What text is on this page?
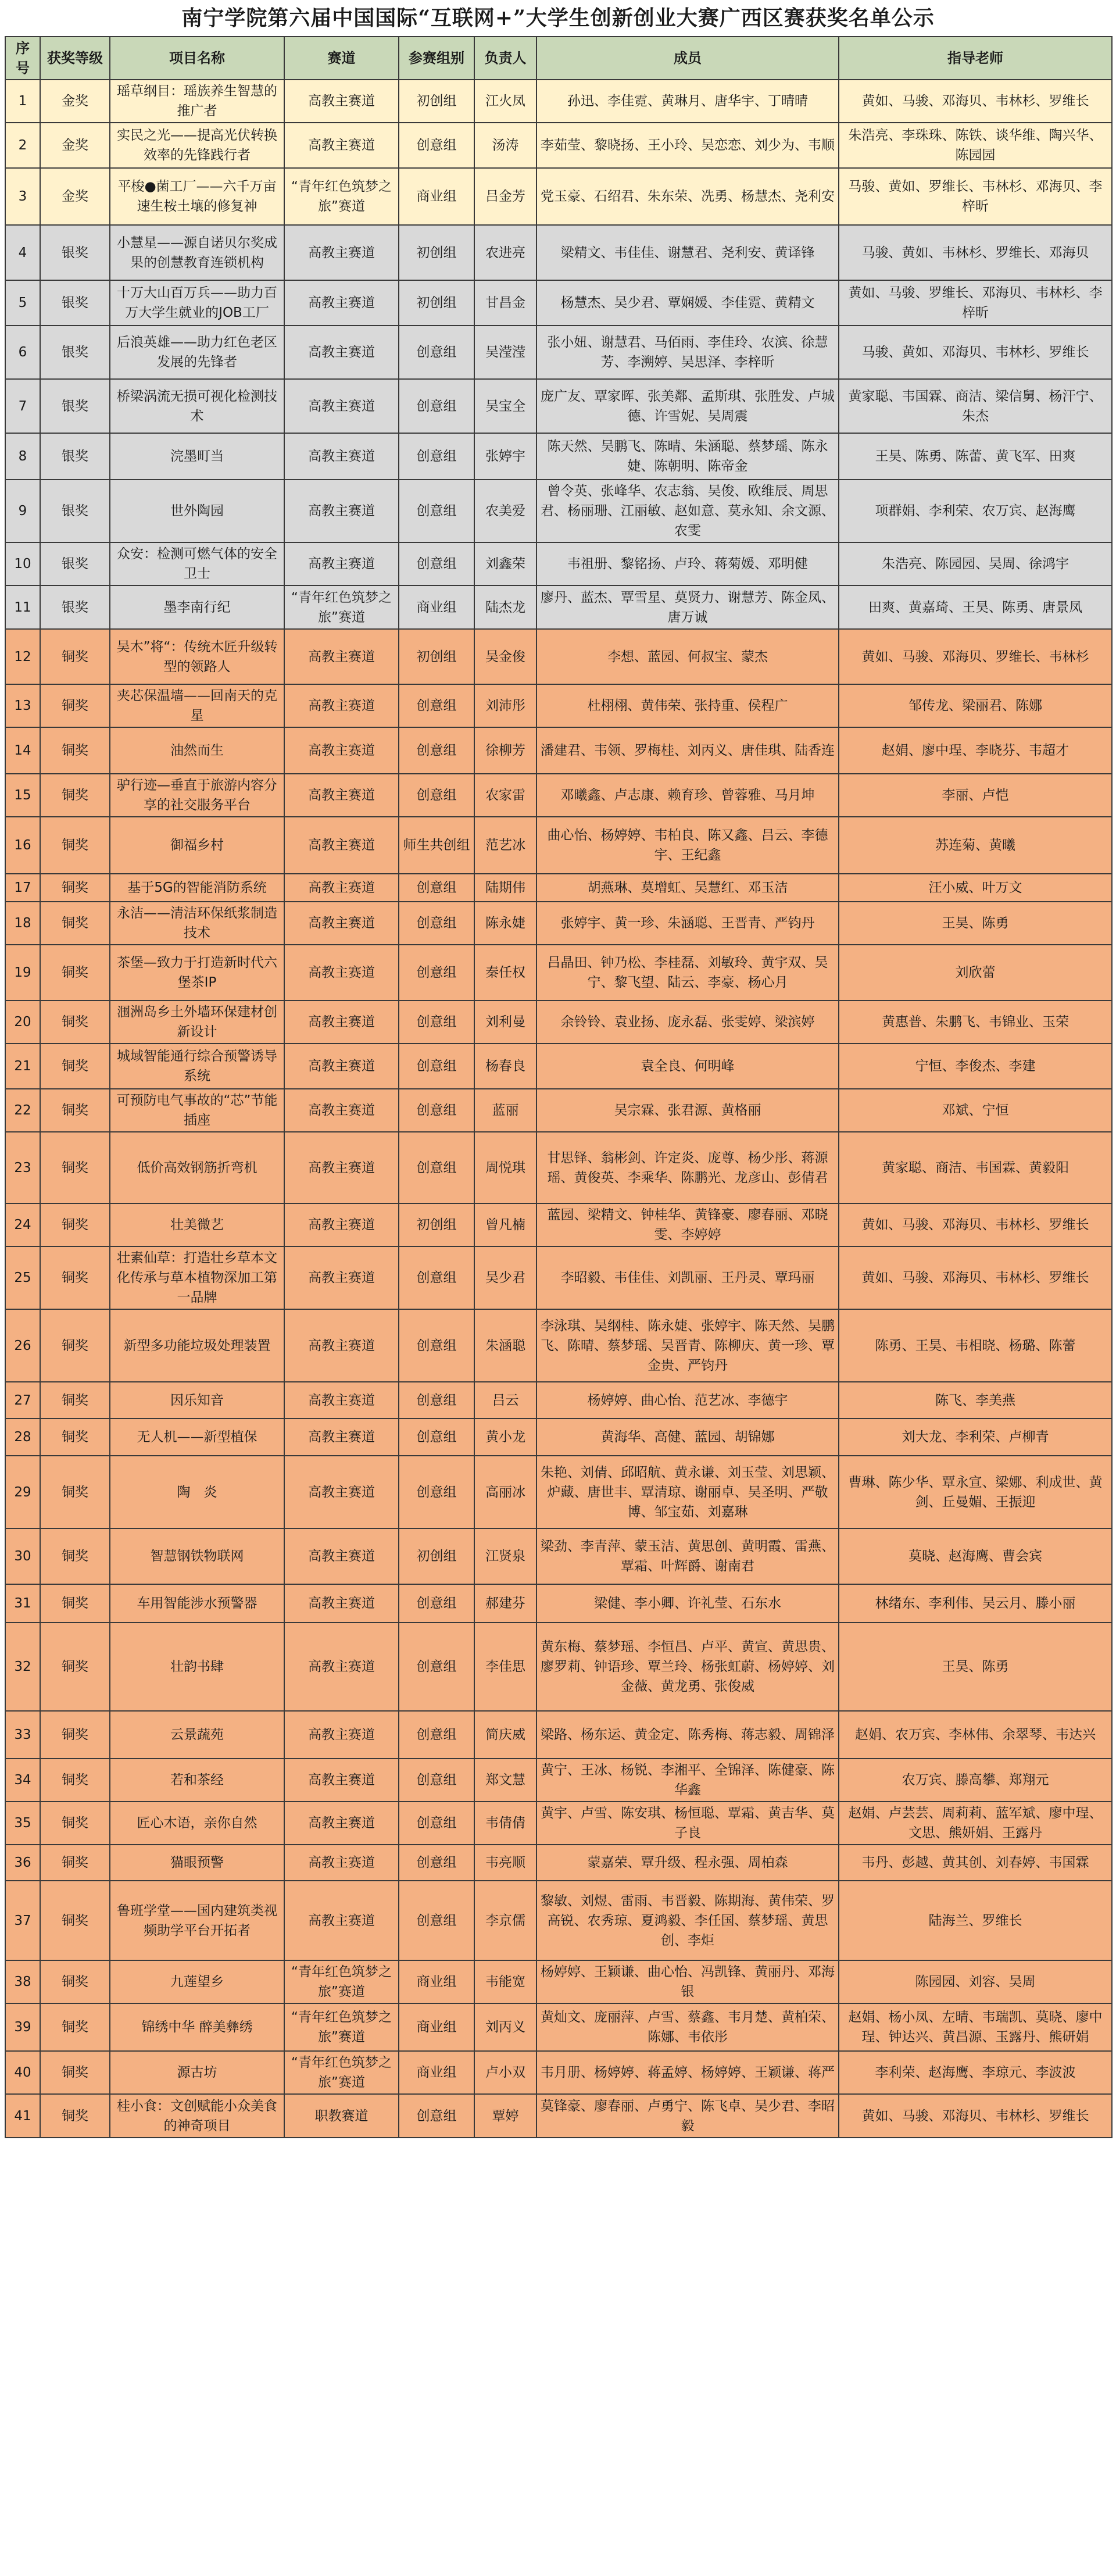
南宁学院第六届中国国际“互联网+”大学生创新创业大赛广西区赛获奖名单公示
序号	获奖等级	项目名称	赛道	参赛组别	负责人	成员	指导老师
1	金奖	瑶草纲目：瑶族养生智慧的推广者	高教主赛道	初创组	江火凤	孙迅、李佳霓、黄琳月、唐华宇、丁晴晴	黄如、马骏、邓海贝、韦林杉、罗维长
2	金奖	实民之光——提高光伏转换效率的先锋践行者	高教主赛道	创意组	汤涛	李茹莹、黎晓扬、王小玲、吴恋恋、刘少为、韦顺	朱浩亮、李珠珠、陈铁、谈华维、陶兴华、陈园园
3	金奖	平梭●菌工厂——六千万亩速生桉土壤的修复神	“青年红色筑梦之旅”赛道	商业组	吕金芳	党玉豪、石绍君、朱东荣、冼勇、杨慧杰、尧利安	马骏、黄如、罗维长、韦林杉、邓海贝、李梓昕
4	银奖	小慧星——源自诺贝尔奖成果的创慧教育连锁机构	高教主赛道	初创组	农进亮	梁精文、韦佳佳、谢慧君、尧利安、黄译锋	马骏、黄如、韦林杉、罗维长、邓海贝
5	银奖	十万大山百万兵——助力百万大学生就业的JOB工厂	高教主赛道	初创组	甘昌金	杨慧杰、吴少君、覃娴媛、李佳霓、黄精文	黄如、马骏、罗维长、邓海贝、韦林杉、李梓昕
6	银奖	后浪英雄——助力红色老区发展的先锋者	高教主赛道	创意组	吴滢滢	张小妞、谢慧君、马佰雨、李佳玲、农滨、徐慧芳、李溯婷、吴思泽、李梓昕	马骏、黄如、邓海贝、韦林杉、罗维长
7	银奖	桥梁涡流无损可视化检测技术	高教主赛道	创意组	吴宝全	庞广友、覃家晖、张美鄰、孟斯琪、张胜发、卢城德、许雪妮、吴周震	黄家聪、韦国霖、商洁、梁信舅、杨汗宁、朱杰
8	银奖	浣墨町当	高教主赛道	创意组	张婷宇	陈天然、吴鹏飞、陈晴、朱涵聪、蔡梦瑶、陈永婕、陈朝明、陈帝金	王昊、陈勇、陈蕾、黄飞军、田爽
9	银奖	世外陶园	高教主赛道	创意组	农美爱	曾令英、张峰华、农志翁、吴俊、欧维辰、周思君、杨丽珊、江丽敏、赵如意、莫永知、余文源、农雯	项群娟、李利荣、农万宾、赵海鹰
10	银奖	众安：检测可燃气体的安全卫士	高教主赛道	创意组	刘鑫荣	韦祖册、黎铭扬、卢玲、蒋菊媛、邓明健	朱浩亮、陈园园、吴周、徐鸿宇
11	银奖	墨李南行纪	“青年红色筑梦之旅”赛道	商业组	陆杰龙	廖丹、蓝杰、覃雪星、莫贤力、谢慧芳、陈金凤、唐万诚	田爽、黄嘉琦、王昊、陈勇、唐景凤
12	铜奖	吴木”将“：传统木匠升级转型的领路人	高教主赛道	初创组	吴金俊	李想、蓝园、何叔宝、蒙杰	黄如、马骏、邓海贝、罗维长、韦林杉
13	铜奖	夹芯保温墙——回南天的克星	高教主赛道	创意组	刘沛彤	杜栩栩、黄伟荣、张持重、侯程广	邹传龙、梁丽君、陈娜
14	铜奖	油然而生	高教主赛道	创意组	徐柳芳	潘建君、韦领、罗梅桂、刘丙义、唐佳琪、陆香连	赵娟、廖中珵、李晓芬、韦超才
15	铜奖	驴行迹—垂直于旅游内容分享的社交服务平台	高教主赛道	创意组	农家雷	邓曦鑫、卢志康、赖育珍、曾蓉雅、马月坤	李丽、卢恺
16	铜奖	御福乡村	高教主赛道	师生共创组	范艺冰	曲心怡、杨婷婷、韦柏良、陈又鑫、吕云、李德宇、王纪鑫	苏连菊、黄曦
17	铜奖	基于5G的智能消防系统	高教主赛道	创意组	陆期伟	胡燕琳、莫增虹、吴慧红、邓玉洁	汪小威、叶万文
18	铜奖	永洁——清洁环保纸浆制造技术	高教主赛道	创意组	陈永婕	张婷宇、黄一珍、朱涵聪、王晋青、严钧丹	王昊、陈勇
19	铜奖	茶堡—致力于打造新时代六堡茶IP	高教主赛道	创意组	秦任权	吕晶田、钟乃松、李桂磊、刘敏玲、黄宇双、吴宁、黎飞望、陆云、李豪、杨心月	刘欣蕾
20	铜奖	涠洲岛乡土外墙环保建材创新设计	高教主赛道	创意组	刘利曼	余铃铃、袁业扬、庞永磊、张雯婷、梁滨婷	黄惠普、朱鹏飞、韦锦业、玉荣
21	铜奖	城域智能通行综合预警诱导系统	高教主赛道	创意组	杨春良	袁全良、何明峰	宁恒、李俊杰、李建
22	铜奖	可预防电气事故的“芯”节能插座	高教主赛道	创意组	蓝丽	吴宗霖、张君源、黄格丽	邓斌、宁恒
23	铜奖	低价高效钢筋折弯机	高教主赛道	创意组	周悦琪	甘思铎、翁彬剑、许定炎、庞尊、杨少彤、蒋源瑶、黄俊英、李乘华、陈鹏光、龙彦山、彭倩君	黄家聪、商洁、韦国霖、黄毅阳
24	铜奖	壮美微艺	高教主赛道	初创组	曾凡楠	蓝园、梁精文、钟桂华、黄锋豪、廖春丽、邓晓雯、李婷婷	黄如、马骏、邓海贝、韦林杉、罗维长
25	铜奖	壮素仙草：打造壮乡草本文化传承与草本植物深加工第一品牌	高教主赛道	创意组	吴少君	李昭毅、韦佳佳、刘凯丽、王丹灵、覃玛丽	黄如、马骏、邓海贝、韦林杉、罗维长
26	铜奖	新型多功能垃圾处理装置	高教主赛道	创意组	朱涵聪	李泳琪、吴纲桂、陈永婕、张婷宇、陈天然、吴鹏飞、陈晴、蔡梦瑶、吴晋青、陈柳庆、黄一珍、覃金贵、严钧丹	陈勇、王昊、韦相晓、杨璐、陈蕾
27	铜奖	因乐知音	高教主赛道	创意组	吕云	杨婷婷、曲心怡、范艺冰、李德宇	陈飞、李美燕
28	铜奖	无人机——新型植保	高教主赛道	创意组	黄小龙	黄海华、高健、蓝园、胡锦娜	刘大龙、李利荣、卢柳青
29	铜奖	陶　炎	高教主赛道	创意组	高丽冰	朱艳、刘倩、邱昭航、黄永谦、刘玉莹、刘思颖、炉藏、唐世丰、覃清琼、谢丽卓、吴圣明、严敬博、邹宝茹、刘嘉琳	曹琳、陈少华、覃永宣、梁娜、利成世、黄剑、丘曼媚、王振迎
30	铜奖	智慧钢铁物联网	高教主赛道	初创组	江贤泉	梁劲、李青萍、蒙玉洁、黄思创、黄明霞、雷燕、覃霜、叶辉爵、谢南君	莫晓、赵海鹰、曹会宾
31	铜奖	车用智能涉水预警器	高教主赛道	创意组	郝建芬	梁健、李小卿、许礼莹、石东水	林绪东、李利伟、吴云月、滕小丽
32	铜奖	壮韵书肆	高教主赛道	创意组	李佳思	黄东梅、蔡梦瑶、李恒昌、卢平、黄宣、黄思贵、廖罗莉、钟语珍、覃兰玲、杨张虹蔚、杨婷婷、刘金薇、黄龙勇、张俊威	王昊、陈勇
33	铜奖	云景蔬苑	高教主赛道	创意组	简庆威	梁路、杨东运、黄金定、陈秀梅、蒋志毅、周锦泽	赵娟、农万宾、李林伟、余翠琴、韦达兴
34	铜奖	若和茶经	高教主赛道	创意组	郑文慧	黄宁、王冰、杨锐、李湘平、全锦泽、陈健豪、陈华鑫	农万宾、滕高攀、郑翔元
35	铜奖	匠心木语，亲你自然	高教主赛道	创意组	韦倩倩	黄宇、卢雪、陈安琪、杨恒聪、覃霜、黄吉华、莫子良	赵娟、卢芸芸、周莉莉、蓝军斌、廖中珵、文思、熊妍娟、王露丹
36	铜奖	猫眼预警	高教主赛道	创意组	韦亮顺	蒙嘉荣、覃升级、程永强、周柏森	韦丹、彭越、黄其创、刘春婷、韦国霖
37	铜奖	鲁班学堂——国内建筑类视频助学平台开拓者	高教主赛道	创意组	李京儒	黎敏、刘煜、雷雨、韦晋毅、陈期海、黄伟荣、罗高锐、农秀琼、夏鸿毅、李任国、蔡梦瑶、黄思创、李炬	陆海兰、罗维长
38	铜奖	九莲望乡	“青年红色筑梦之旅”赛道	商业组	韦能宽	杨婷婷、王颖谦、曲心怡、冯凯锋、黄丽丹、邓海银	陈园园、刘容、吴周
39	铜奖	锦绣中华 醉美彝绣	“青年红色筑梦之旅”赛道	商业组	刘丙义	黄灿文、庞丽萍、卢雪、蔡鑫、韦月楚、黄柏荣、陈娜、韦依彤	赵娟、杨小凤、左晴、韦瑞凯、莫晓、廖中珵、钟达兴、黄昌源、玉露丹、熊研娟
40	铜奖	源古坊	“青年红色筑梦之旅”赛道	商业组	卢小双	韦月册、杨婷婷、蒋孟婷、杨婷婷、王颖谦、蒋严	李利荣、赵海鹰、李琼元、李波波
41	铜奖	桂小食：文创赋能小众美食的神奇项目	职教赛道	创意组	覃婷	莫锋豪、廖春丽、卢勇宁、陈飞卓、吴少君、李昭毅	黄如、马骏、邓海贝、韦林杉、罗维长
